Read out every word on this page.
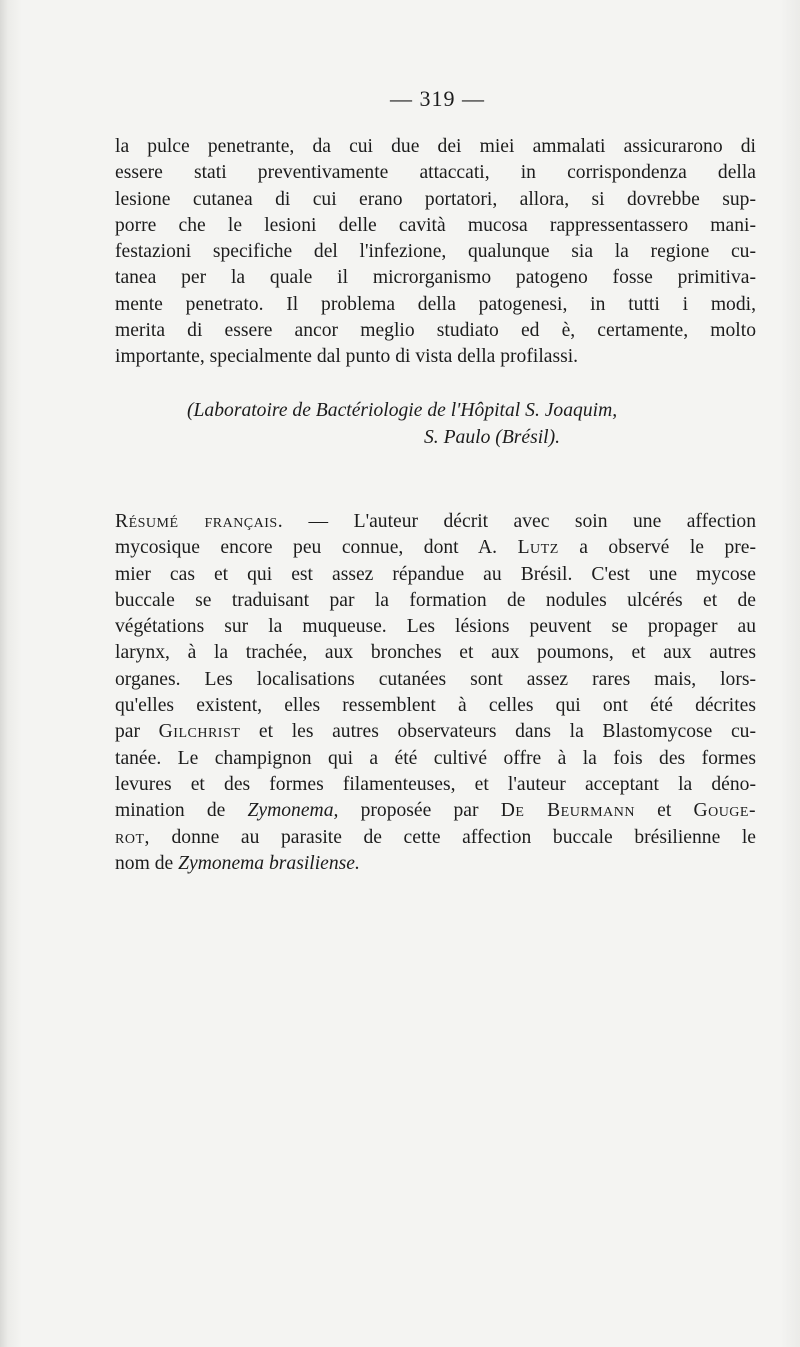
— 319 —
la pulce penetrante, da cui due dei miei ammalati assicurarono di
essere stati preventivamente attaccati, in corrispondenza della
lesione cutanea di cui erano portatori, allora, si dovrebbe sup-
porre che le lesioni delle cavità mucosa rappressentassero mani-
festazioni specifiche del l'infezione, qualunque sia la regione cu-
tanea per la quale il microrganismo patogeno fosse primitiva-
mente penetrato. Il problema della patogenesi, in tutti i modi,
merita di essere ancor meglio studiato ed è, certamente, molto
importante, specialmente dal punto di vista della profilassi.
(Laboratoire de Bactériologie de l'Hôpital S. Joaquim,
S. Paulo (Brésil).
Résumé français. — L'auteur décrit avec soin une affection
mycosique encore peu connue, dont A. Lutz a observé le pre-
mier cas et qui est assez répandue au Brésil. C'est une mycose
buccale se traduisant par la formation de nodules ulcérés et de
végétations sur la muqueuse. Les lésions peuvent se propager au
larynx, à la trachée, aux bronches et aux poumons, et aux autres
organes. Les localisations cutanées sont assez rares mais, lors-
qu'elles existent, elles ressemblent à celles qui ont été décrites
par Gilchrist et les autres observateurs dans la Blastomycose cu-
tanée. Le champignon qui a été cultivé offre à la fois des formes
levures et des formes filamenteuses, et l'auteur acceptant la déno-
mination de Zymonema, proposée par De Beurmann et Gouge-
rot, donne au parasite de cette affection buccale brésilienne le
nom de Zymonema brasiliense.
